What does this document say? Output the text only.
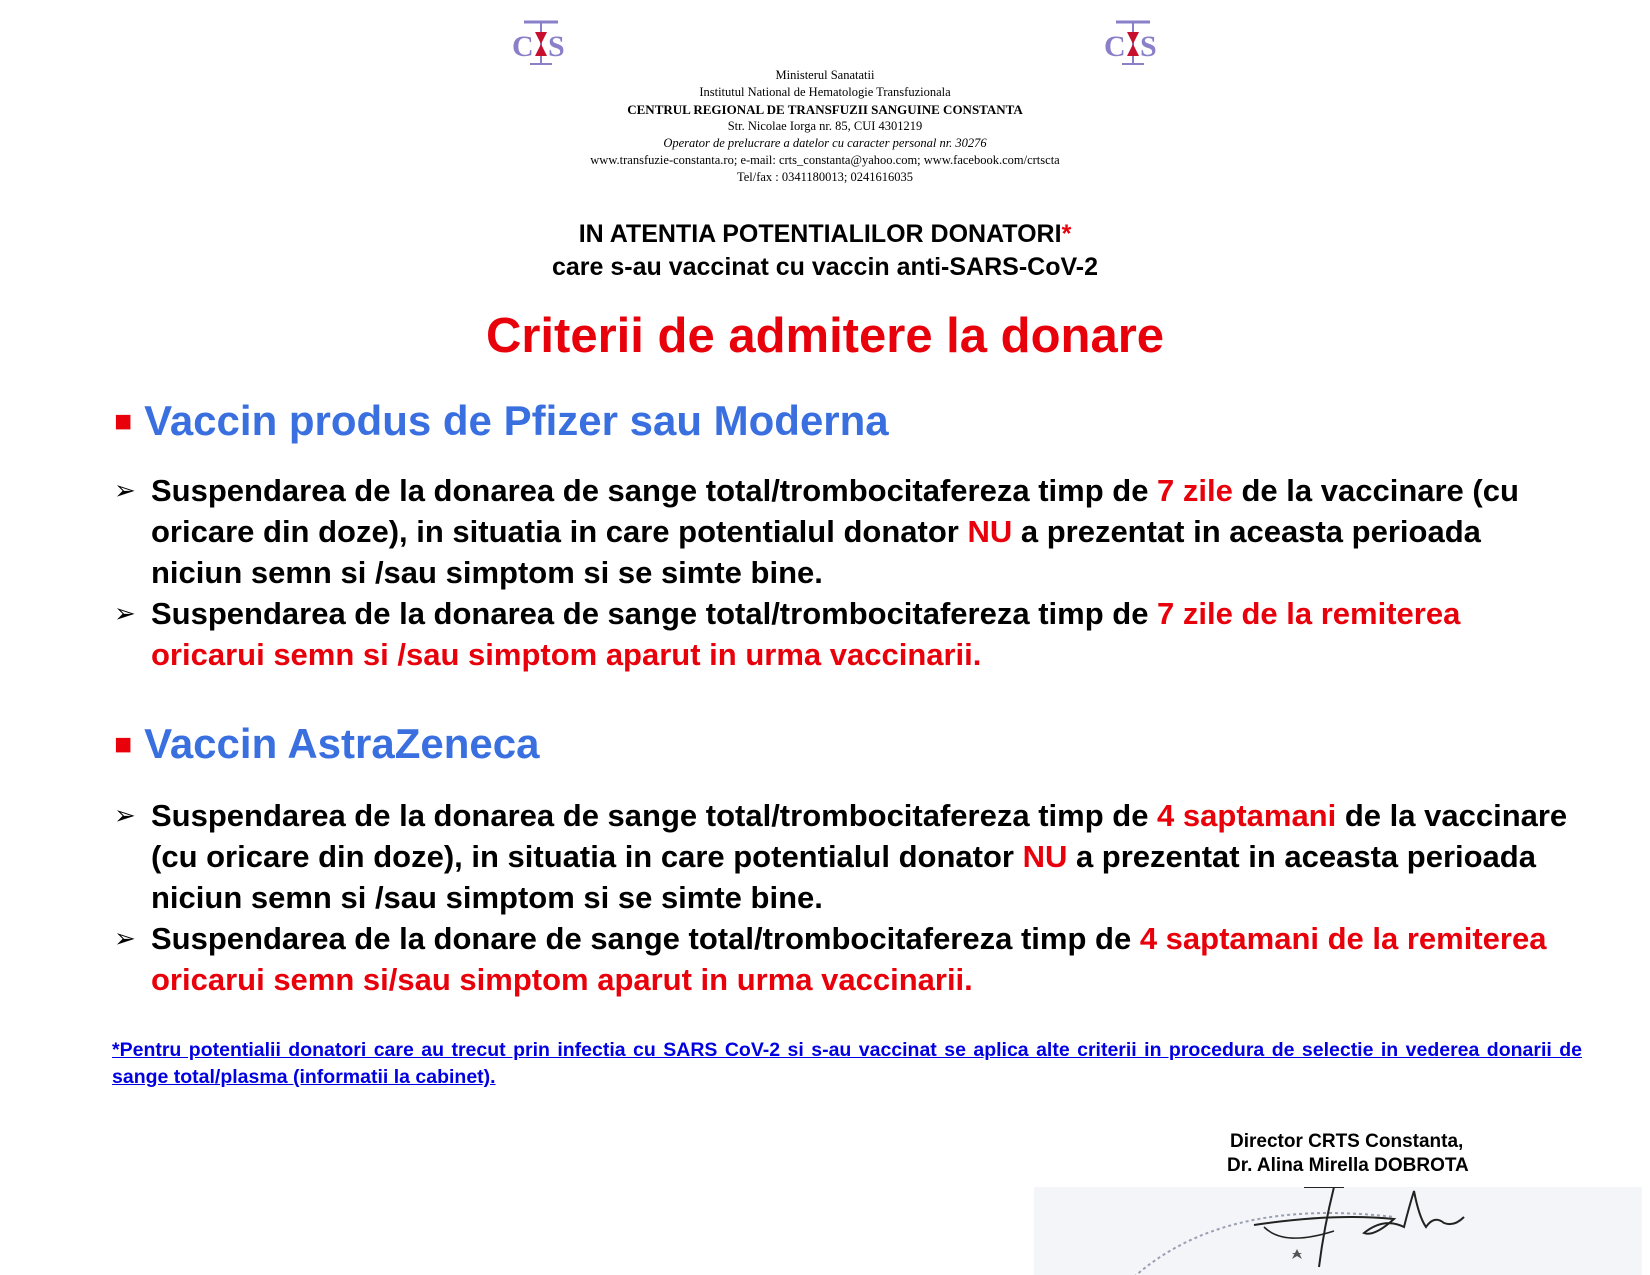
C S	C S
Ministerul Sanatatii
Institutul National de Hematologie Transfuzionala
CENTRUL REGIONAL DE TRANSFUZII SANGUINE CONSTANTA
Str. Nicolae Iorga nr. 85, CUI 4301219
Operator de prelucrare a datelor cu caracter personal nr. 30276
www.transfuzie-constanta.ro; e-mail: crts_constanta@yahoo.com; www.facebook.com/crtscta
Tel/fax : 0341180013; 0241616035
IN ATENTIA POTENTIALILOR DONATORI*
care s-au vaccinat cu vaccin anti-SARS-CoV-2
Criterii de admitere la donare
■ Vaccin produs de Pfizer sau Moderna
➢ Suspendarea de la donarea de sange total/trombocitafereza timp de 7 zile de la vaccinare (cu oricare din doze), in situatia in care potentialul donator NU a prezentat in aceasta perioada niciun semn si /sau simptom si se simte bine.
➢ Suspendarea de la donarea de sange total/trombocitafereza timp de 7 zile de la remiterea oricarui semn si /sau simptom aparut in urma vaccinarii.
■ Vaccin AstraZeneca
➢ Suspendarea de la donarea de sange total/trombocitafereza timp de 4 saptamani de la vaccinare (cu oricare din doze), in situatia in care potentialul donator NU a prezentat in aceasta perioada niciun semn si /sau simptom si se simte bine.
➢ Suspendarea de la donare de sange total/trombocitafereza timp de 4 saptamani de la remiterea oricarui semn si/sau simptom aparut in urma vaccinarii.
*Pentru potentialii donatori care au trecut prin infectia cu SARS CoV-2 si s-au vaccinat se aplica alte criterii in procedura de selectie in vederea donarii de sange total/plasma (informatii la cabinet).
Director CRTS Constanta,
Dr. Alina Mirella DOBROTA
